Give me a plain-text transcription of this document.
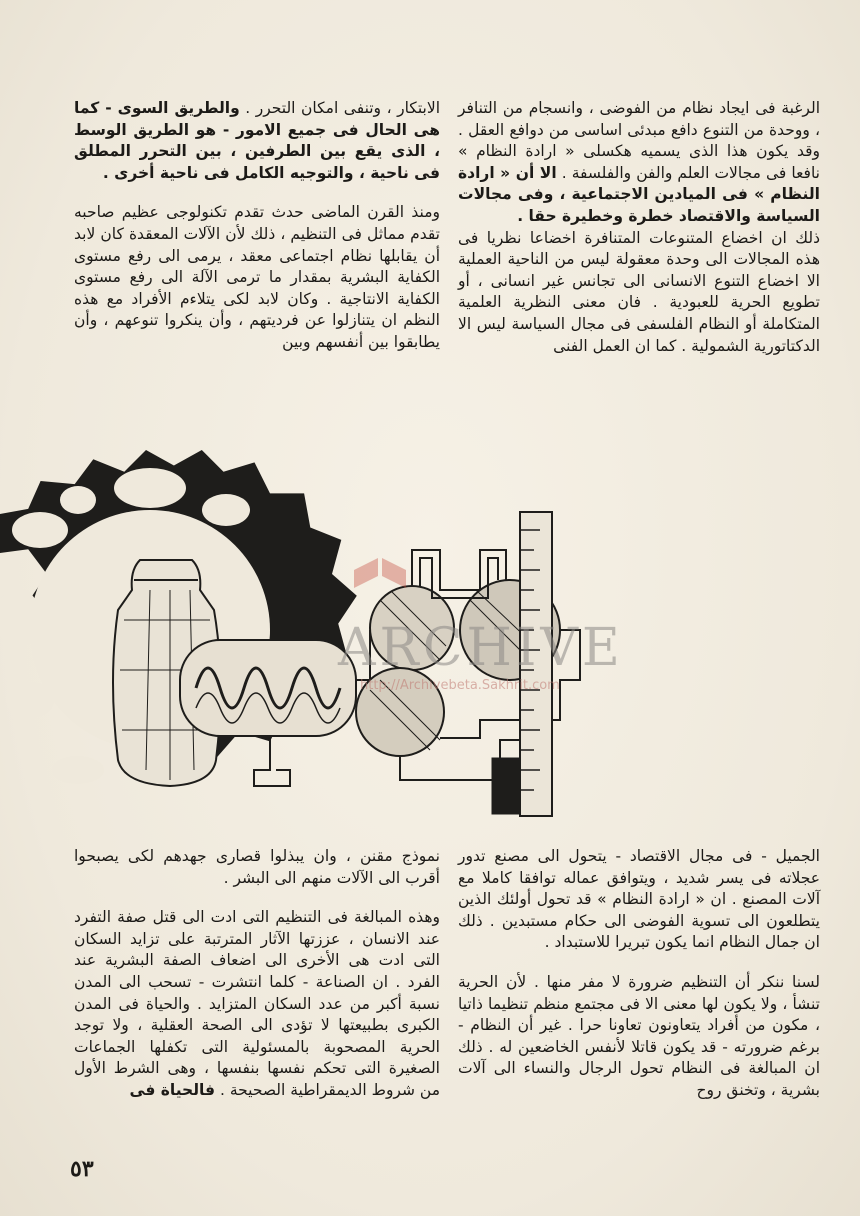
الرغبة فى ايجاد نظام من الفوضى ، وانسجام من التنافر ، ووحدة من التنوع دافع مبدئى اساسى من دوافع العقل . وقد يكون هذا الذى يسميه هكسلى « ارادة النظام » نافعا فى مجالات العلم والفن والفلسفة . الا أن « ارادة النظام » فى الميادين الاجتماعية ، وفى مجالات السياسة والاقتصاد خطرة وخطيرة حقا .

ذلك ان اخضاع المتنوعات المتنافرة اخضاعا نظريا فى هذه المجالات الى وحدة معقولة ليس من الناحية العملية الا اخضاع التنوع الانسانى الى تجانس غير انسانى ، أو تطويع الحرية للعبودية . فان معنى النظرية العلمية المتكاملة أو النظام الفلسفى فى مجال السياسة ليس الا الدكتاتورية الشمولية . كما ان العمل الفنى

الابتكار ، وتنفى امكان التحرر . والطريق السوى - كما هى الحال فى جميع الامور - هو الطريق الوسط ، الذى يقع بين الطرفين ، بين التحرر المطلق فى ناحية ، والتوجيه الكامل فى ناحية أخرى .

ومنذ القرن الماضى حدث تقدم تكنولوجى عظيم صاحبه تقدم مماثل فى التنظيم ، ذلك لأن الآلات المعقدة كان لابد أن يقابلها نظام اجتماعى معقد ، يرمى الى رفع مستوى الكفاية البشرية بمقدار ما ترمى الآلة الى رفع مستوى الكفاية الانتاجية . وكان لابد لكى يتلاءم الأفراد مع هذه النظم ان يتنازلوا عن فرديتهم ، وأن ينكروا تنوعهم ، وأن يطابقوا بين أنفسهم وبين

ARCHIVE
http://Archivebeta.Sakhrit.com

الجميل - فى مجال الاقتصاد - يتحول الى مصنع تدور عجلاته فى يسر شديد ، ويتوافق عماله توافقا كاملا مع آلات المصنع . ان « ارادة النظام » قد تحول أولئك الذين يتطلعون الى تسوية الفوضى الى حكام مستبدين . ذلك ان جمال النظام انما يكون تبريرا للاستبداد .

لسنا ننكر أن التنظيم ضرورة لا مفر منها . لأن الحرية تنشأ ، ولا يكون لها معنى الا فى مجتمع منظم تنظيما ذاتيا ، مكون من أفراد يتعاونون تعاونا حرا . غير أن النظام - برغم ضرورته - قد يكون قاتلا لأنفس الخاضعين له . ذلك ان المبالغة فى النظام تحول الرجال والنساء الى آلات بشرية ، وتخنق روح

نموذج مقنن ، وان يبذلوا قصارى جهدهم لكى يصبحوا أقرب الى الآلات منهم الى البشر .

وهذه المبالغة فى التنظيم التى ادت الى قتل صفة التفرد عند الانسان ، عززتها الآثار المترتبة على تزايد السكان التى ادت هى الأخرى الى اضعاف الصفة البشرية عند الفرد . ان الصناعة - كلما انتشرت - تسحب الى المدن نسبة أكبر من عدد السكان المتزايد . والحياة فى المدن الكبرى بطبيعتها لا تؤدى الى الصحة العقلية ، ولا توجد الحرية المصحوبة بالمسئولية التى تكفلها الجماعات الصغيرة التى تحكم نفسها بنفسها ، وهى الشرط الأول من شروط الديمقراطية الصحيحة . فالحياة فى

٥٣
